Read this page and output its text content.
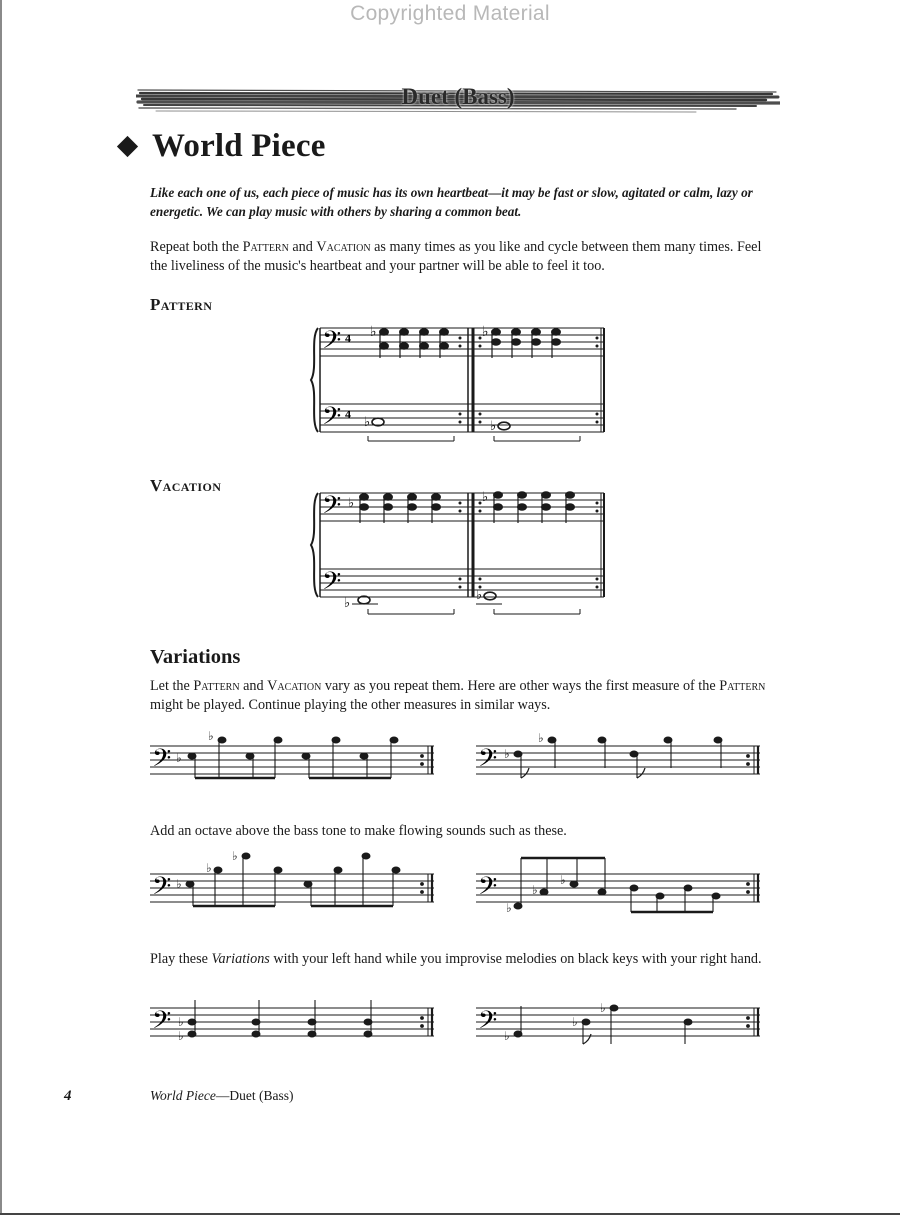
Copyrighted Material
Duet (Bass)
World Piece
Like each one of us, each piece of music has its own heartbeat—it may be fast or slow, agitated or calm, lazy or energetic. We can play music with others by sharing a common beat.
Repeat both the Pattern and Vacation as many times as you like and cycle between them many times. Feel the liveliness of the music's heartbeat and your partner will be able to feel it too.
Pattern
𝄢
𝄢
4
4
♭	♭
♭	♭
Vacation
𝄢
𝄢
♭	♭
♭
♭
Variations
Let the Pattern and Vacation vary as you repeat them. Here are other ways the first measure of the Pattern might be played. Continue playing the other measures in similar ways.
𝄢 ♭
♭
𝄢 ♭
♭
Add an octave above the bass tone to make flowing sounds such as these.
𝄢 ♭
♭
♭
𝄢
♭
♭
♭
Play these Variations with your left hand while you improvise melodies on black keys with your right hand.
𝄢 ♭
♭	𝄢 ♭
♭
♭
4	World Piece—Duet (Bass)
